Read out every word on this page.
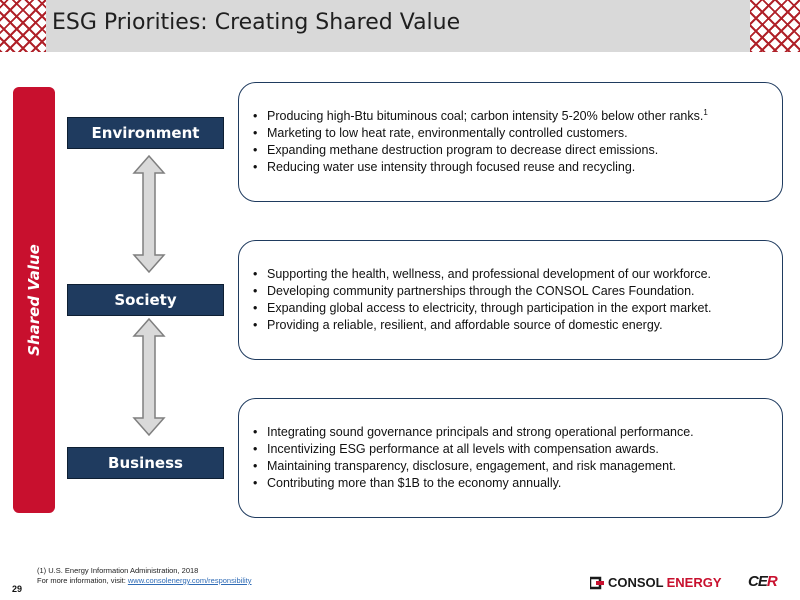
ESG Priorities: Creating Shared Value
Shared Value
Environment
Society
Business
• Producing high-Btu bituminous coal; carbon intensity 5-20% below other ranks.$^1$
• Marketing to low heat rate, environmentally controlled customers.
• Expanding methane destruction program to decrease direct emissions.
• Reducing water use intensity through focused reuse and recycling.
• Supporting the health, wellness, and professional development of our workforce.
• Developing community partnerships through the CONSOL Cares Foundation.
• Expanding global access to electricity, through participation in the export market.
• Providing a reliable, resilient, and affordable source of domestic energy.
• Integrating sound governance principals and strong operational performance.
• Incentivizing ESG performance at all levels with compensation awards.
• Maintaining transparency, disclosure, engagement, and risk management.
• Contributing more than $1B to the economy annually.
(1) U.S. Energy Information Administration, 2018
For more information, visit: www.consolenergy.com/responsibility
29	CONSOL ENERGY CER
